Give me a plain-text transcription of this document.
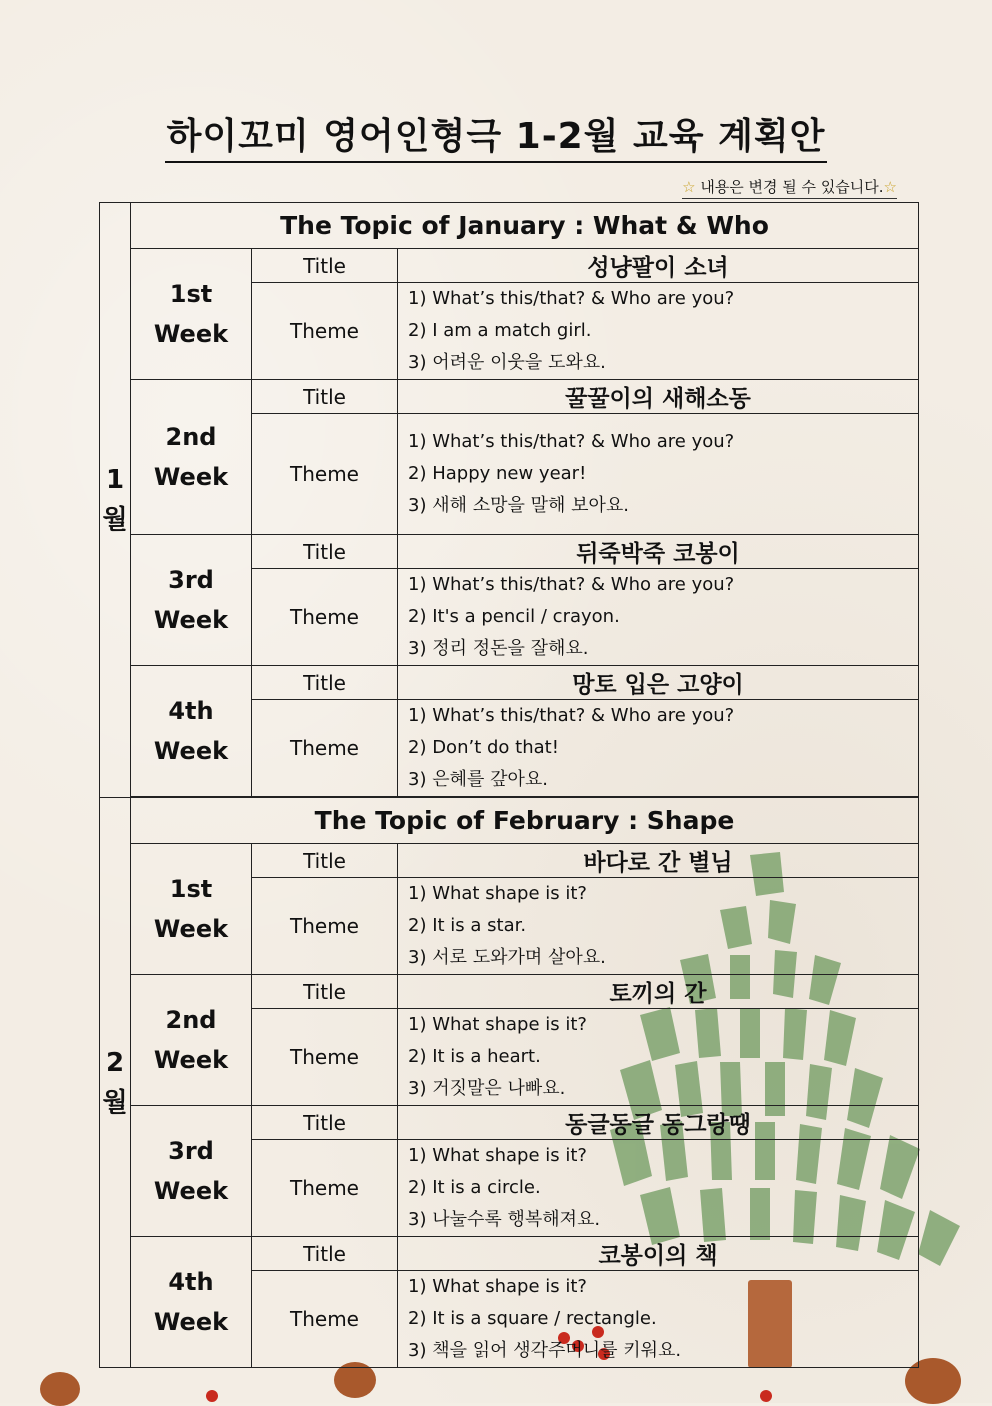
하이꼬미 영어인형극 1-2월 교육 계획안
☆ 내용은 변경 될 수 있습니다.☆
1
월	The Topic of January : What & Who		

	1st
Week	Title	성냥팔이 소녀
		Theme	1) What’s this/that? & Who are you?
2) I am a match girl.
3) 어려운 이웃을 도와요.

	2nd
Week	Title	꿀꿀이의 새해소동
		Theme	1) What’s this/that? & Who are you?
2) Happy new year!
3) 새해 소망을 말해 보아요.

	3rd
Week	Title	뒤죽박죽 코봉이
		Theme	1) What’s this/that? & Who are you?
2) It's a pencil / crayon.
3) 정리 정돈을 잘해요.

	4th
Week	Title	망토 입은 고양이
		Theme	1) What’s this/that? & Who are you?
2) Don’t do that!
3) 은혜를 갚아요.

2
월	The Topic of February : Shape		

	1st
Week	Title	바다로 간 별님
		Theme	1) What shape is it?
2) It is a star.
3) 서로 도와가며 살아요.

	2nd
Week	Title	토끼의 간
		Theme	1) What shape is it?
2) It is a heart.
3) 거짓말은 나빠요.

	3rd
Week	Title	동글동글 동그랑땡
		Theme	1) What shape is it?
2) It is a circle.
3) 나눌수록 행복해져요.

	4th
Week	Title	코봉이의 책
		Theme	1) What shape is it?
2) It is a square / rectangle.
3) 책을 읽어 생각주머니를 키워요.
